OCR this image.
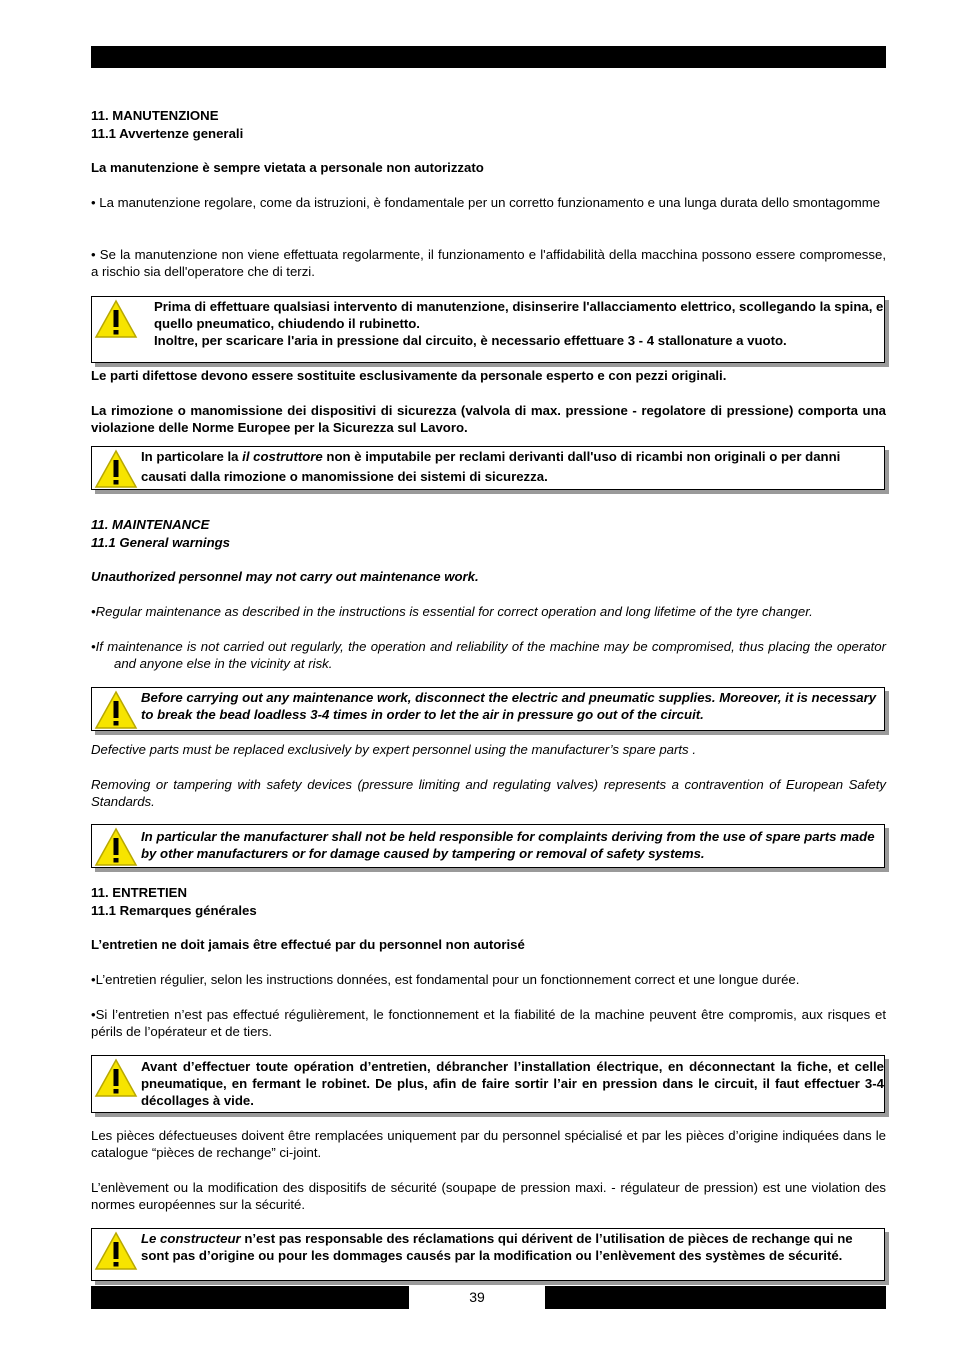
39
11. MANUTENZIONE
11.1 Avvertenze generali
La manutenzione è sempre vietata a personale non autorizzato
• La manutenzione regolare, come da istruzioni, è fondamentale per un corretto funzionamento e una lunga durata dello smontagomme
• Se la manutenzione non viene effettuata regolarmente, il funzionamento e l'affidabilità della macchina possono essere compromesse, a rischio sia dell'operatore che di terzi.
Prima di effettuare qualsiasi intervento di manutenzione, disinserire l'allacciamento elettrico, scollegando la spina, e quello pneumatico, chiudendo il rubinetto.
Inoltre, per scaricare l'aria in pressione dal circuito, è necessario effettuare 3 - 4 stallonature a vuoto.
Le parti difettose devono essere sostituite esclusivamente da personale esperto e con pezzi originali.
La rimozione o manomissione dei dispositivi di sicurezza (valvola di max. pressione - regolatore di pressione) comporta una violazione delle Norme Europee per la Sicurezza sul Lavoro.
In particolare la il costruttore non è imputabile per reclami derivanti dall'uso di ricambi non originali o per danni causati dalla rimozione o manomissione dei sistemi di sicurezza.
11. MAINTENANCE
11.1 General warnings
Unauthorized personnel may not carry out maintenance work.
•Regular maintenance as described in the instructions is essential for correct operation and long lifetime of the tyre changer.
•If maintenance is not carried out regularly, the operation and reliability of the machine may be compromised, thus placing the operator and anyone else in the vicinity at risk.
Before carrying out any maintenance work, disconnect the electric and pneumatic supplies. Moreover, it is necessary to break the bead loadless 3-4 times in order to let the air in pressure go out of the circuit.
Defective parts must be replaced exclusively by expert personnel using the manufacturer’s spare parts .
Removing or tampering with safety devices (pressure limiting and regulating valves) represents a contravention of European Safety Standards.
In particular the manufacturer shall not be held responsible for complaints deriving from the use of spare parts made by other manufacturers or for damage caused by tampering or removal of safety systems.
11. ENTRETIEN
11.1 Remarques générales
L’entretien ne doit jamais être effectué par du personnel non autorisé
•L’entretien régulier, selon les instructions données, est fondamental pour un fonctionnement correct et une longue durée.
•Si l’entretien n’est pas effectué régulièrement, le fonctionnement et la fiabilité de la machine peuvent être compromis, aux risques et périls de l’opérateur et de tiers.
Avant d’effectuer toute opération d’entretien, débrancher l’installation électrique, en déconnectant la fiche, et celle pneumatique, en fermant le robinet. De plus, afin de faire sortir l’air en pression dans le circuit, il faut effectuer 3-4 décollages à vide.
Les pièces défectueuses doivent être remplacées uniquement par du personnel spécialisé et par les pièces d’origine indiquées dans le catalogue “pièces de rechange” ci-joint.
L’enlèvement ou la modification des dispositifs de sécurité (soupape de pression maxi. - régulateur de pression) est une violation des normes européennes sur la sécurité.
Le constructeur n’est pas responsable des réclamations qui dérivent de l’utilisation de pièces de rechange qui ne sont pas d’origine ou pour les dommages causés par la modification ou l’enlèvement des systèmes de sécurité.
